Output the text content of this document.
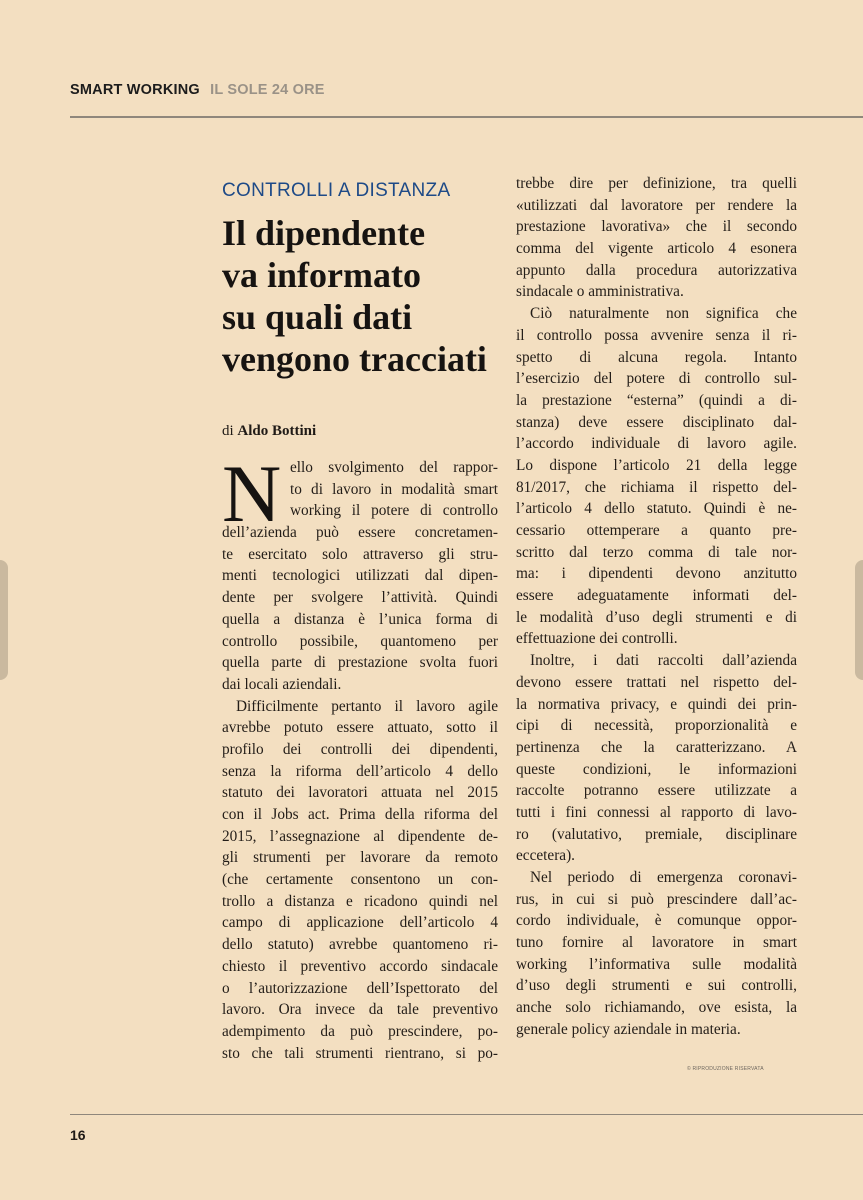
SMART WORKING IL SOLE 24 ORE
CONTROLLI A DISTANZA
Il dipendente
va informato
su quali dati
vengono tracciati
di Aldo Bottini
N ello svolgimento del rappor-
to di lavoro in modalità smart
working il potere di controllo
dell’azienda può essere concretamen-
te esercitato solo attraverso gli stru-
menti tecnologici utilizzati dal dipen-
dente per svolgere l’attività. Quindi
quella a distanza è l’unica forma di
controllo possibile, quantomeno per
quella parte di prestazione svolta fuori
dai locali aziendali.
Difficilmente pertanto il lavoro agile
avrebbe potuto essere attuato, sotto il
profilo dei controlli dei dipendenti,
senza la riforma dell’articolo 4 dello
statuto dei lavoratori attuata nel 2015
con il Jobs act. Prima della riforma del
2015, l’assegnazione al dipendente de-
gli strumenti per lavorare da remoto
(che certamente consentono un con-
trollo a distanza e ricadono quindi nel
campo di applicazione dell’articolo 4
dello statuto) avrebbe quantomeno ri-
chiesto il preventivo accordo sindacale
o l’autorizzazione dell’Ispettorato del
lavoro. Ora invece da tale preventivo
adempimento da può prescindere, po-
sto che tali strumenti rientrano, si po-
trebbe dire per definizione, tra quelli
«utilizzati dal lavoratore per rendere la
prestazione lavorativa» che il secondo
comma del vigente articolo 4 esonera
appunto dalla procedura autorizzativa
sindacale o amministrativa.
Ciò naturalmente non significa che
il controllo possa avvenire senza il ri-
spetto di alcuna regola. Intanto
l’esercizio del potere di controllo sul-
la prestazione “esterna” (quindi a di-
stanza) deve essere disciplinato dal-
l’accordo individuale di lavoro agile.
Lo dispone l’articolo 21 della legge
81/2017, che richiama il rispetto del-
l’articolo 4 dello statuto. Quindi è ne-
cessario ottemperare a quanto pre-
scritto dal terzo comma di tale nor-
ma: i dipendenti devono anzitutto
essere adeguatamente informati del-
le modalità d’uso degli strumenti e di
effettuazione dei controlli.
Inoltre, i dati raccolti dall’azienda
devono essere trattati nel rispetto del-
la normativa privacy, e quindi dei prin-
cipi di necessità, proporzionalità e
pertinenza che la caratterizzano. A
queste condizioni, le informazioni
raccolte potranno essere utilizzate a
tutti i fini connessi al rapporto di lavo-
ro (valutativo, premiale, disciplinare
eccetera).
Nel periodo di emergenza coronavi-
rus, in cui si può prescindere dall’ac-
cordo individuale, è comunque oppor-
tuno fornire al lavoratore in smart
working l’informativa sulle modalità
d’uso degli strumenti e sui controlli,
anche solo richiamando, ove esista, la
generale policy aziendale in materia.
© RIPRODUZIONE RISERVATA
16
